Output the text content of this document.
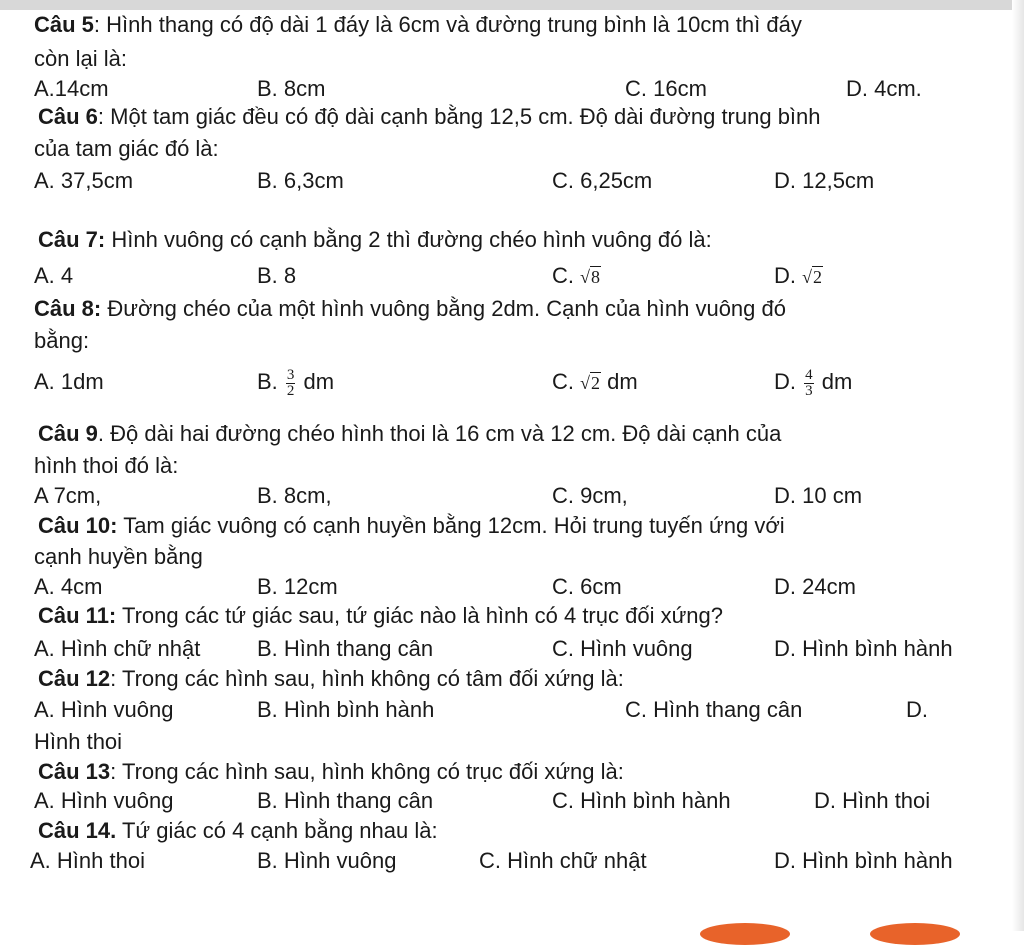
Câu 5: Hình thang có độ dài 1 đáy là 6cm và đường trung bình là 10cm thì đáy
còn lại là:
A.14cm	B. 8cm	C. 16cm	D. 4cm.
Câu 6: Một tam giác đều có độ dài cạnh bằng 12,5 cm. Độ dài đường trung bình
của tam giác đó là:
A. 37,5cm	B. 6,3cm	C. 6,25cm	D. 12,5cm
Câu 7: Hình vuông có cạnh bằng 2 thì đường chéo hình vuông đó là:
A. 4	B. 8	C. √8	D. √2
Câu 8: Đường chéo của một hình vuông bằng 2dm. Cạnh của hình vuông đó
bằng:
A. 1dm	B. $\frac{3}{2}$ dm	C. √2 dm	D. $\frac{4}{3}$ dm
Câu 9. Độ dài hai đường chéo hình thoi là 16 cm và 12 cm. Độ dài cạnh của
hình thoi đó là:
A 7cm,	B. 8cm,	C. 9cm,	D. 10 cm
Câu 10: Tam giác vuông có cạnh huyền bằng 12cm. Hỏi trung tuyến ứng với
cạnh huyền bằng
A. 4cm	B. 12cm	C. 6cm	D. 24cm
Câu 11: Trong các tứ giác sau, tứ giác nào là hình có 4 trục đối xứng?
A. Hình chữ nhật	B. Hình thang cân	C. Hình vuông	D. Hình bình hành
Câu 12: Trong các hình sau, hình không có tâm đối xứng là:
A. Hình vuông	B. Hình bình hành	C. Hình thang cân	D.
Hình thoi
Câu 13: Trong các hình sau, hình không có trục đối xứng là:
A. Hình vuông	B. Hình thang cân	C. Hình bình hành	D. Hình thoi
Câu 14. Tứ giác có 4 cạnh bằng nhau là:
A. Hình thoi	B. Hình vuông	C. Hình chữ nhật	D. Hình bình hành
